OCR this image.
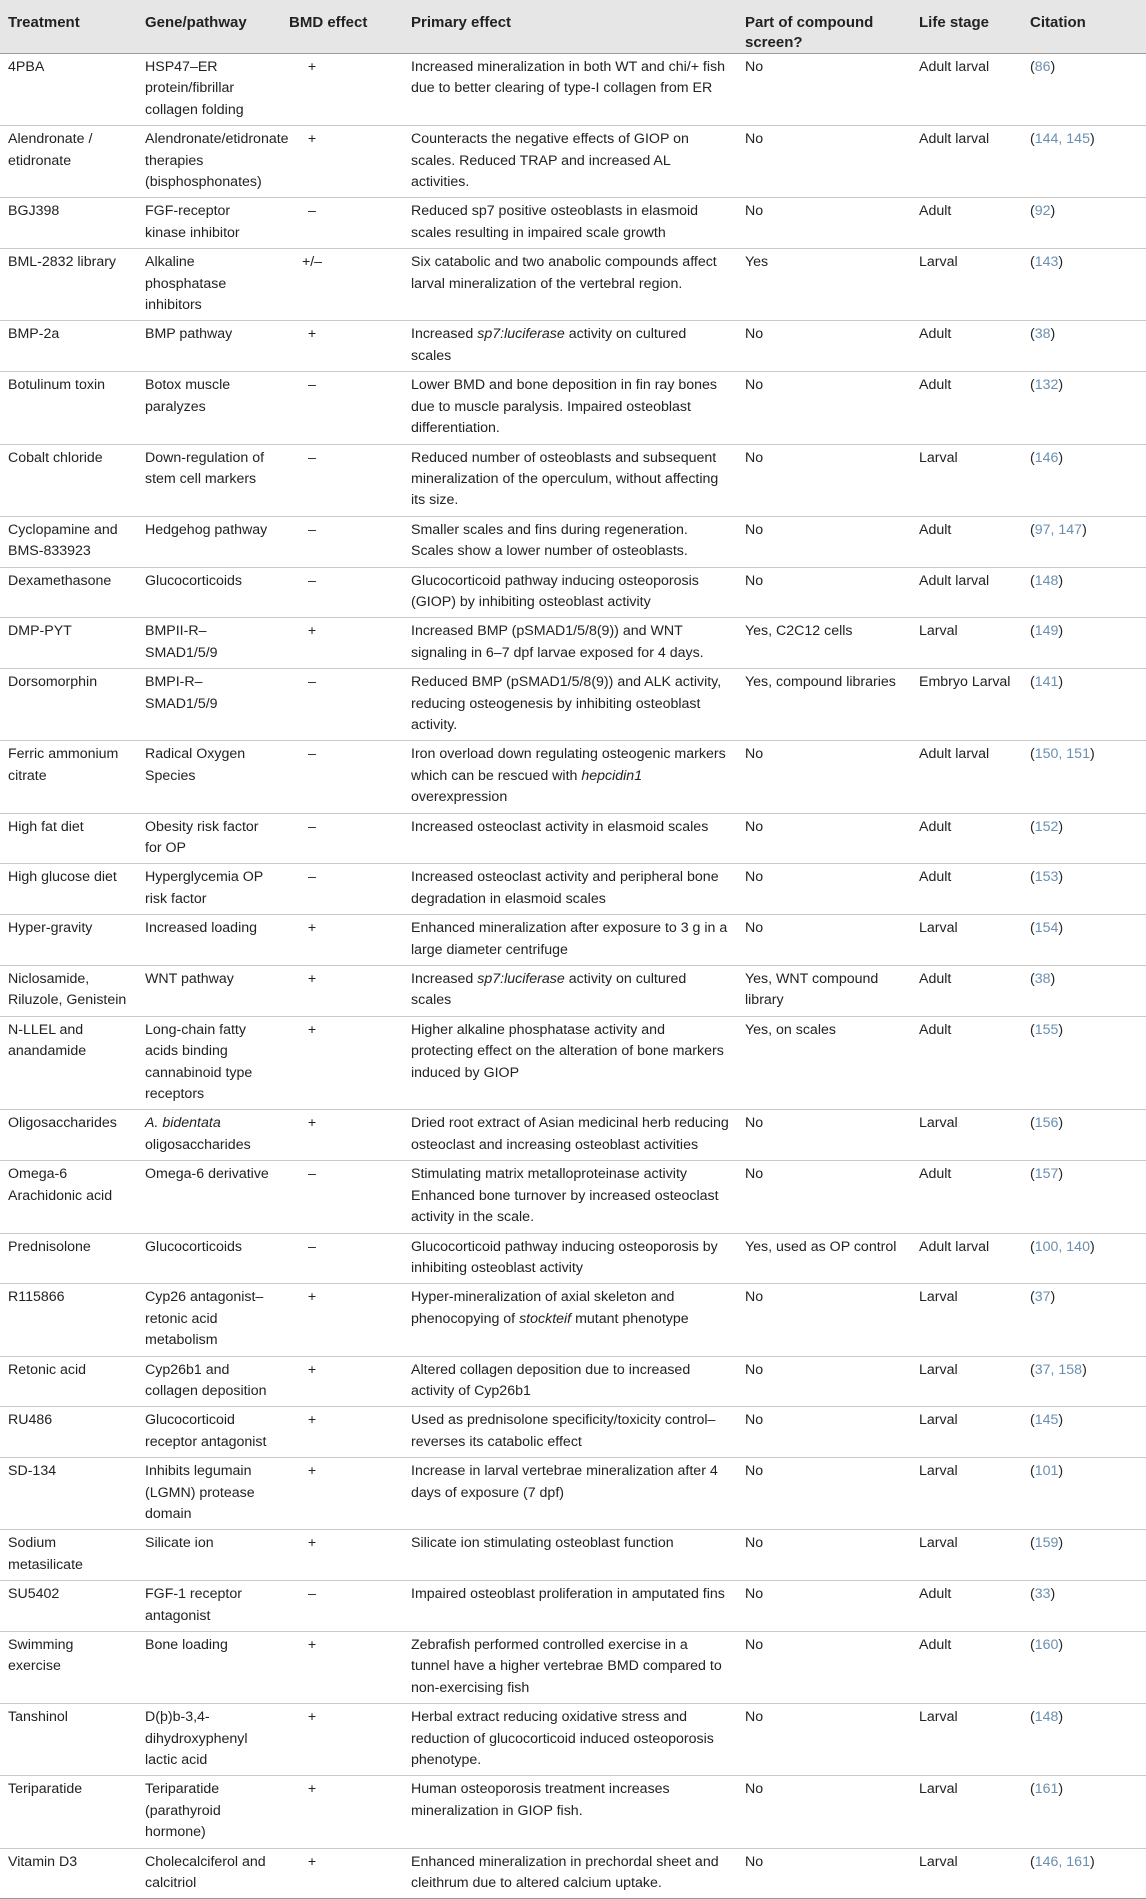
Treatment	Gene/pathway	BMD effect	Primary effect	Part of compound screen?	Life stage	Citation
4PBA	HSP47–ER protein/fibrillar collagen folding	+	Increased mineralization in both WT and chi/+ fish due to better clearing of type-I collagen from ER	No	Adult larval	(86)
Alendronate / etidronate	Alendronate/etidronate therapies (bisphosphonates)	+	Counteracts the negative effects of GIOP on scales. Reduced TRAP and increased AL activities.	No	Adult larval	(144, 145)
BGJ398	FGF-receptor kinase inhibitor	–	Reduced sp7 positive osteoblasts in elasmoid scales resulting in impaired scale growth	No	Adult	(92)
BML-2832 library	Alkaline phosphatase inhibitors	+/–	Six catabolic and two anabolic compounds affect larval mineralization of the vertebral region.	Yes	Larval	(143)
BMP-2a	BMP pathway	+	Increased sp7:luciferase activity on cultured scales	No	Adult	(38)
Botulinum toxin	Botox muscle paralyzes	–	Lower BMD and bone deposition in fin ray bones due to muscle paralysis. Impaired osteoblast differentiation.	No	Adult	(132)
Cobalt chloride	Down-regulation of stem cell markers	–	Reduced number of osteoblasts and subsequent mineralization of the operculum, without affecting its size.	No	Larval	(146)
Cyclopamine and BMS-833923	Hedgehog pathway	–	Smaller scales and fins during regeneration. Scales show a lower number of osteoblasts.	No	Adult	(97, 147)
Dexamethasone	Glucocorticoids	–	Glucocorticoid pathway inducing osteoporosis (GIOP) by inhibiting osteoblast activity	No	Adult larval	(148)
DMP-PYT	BMPII-R–SMAD1/5/9	+	Increased BMP (pSMAD1/5/8(9)) and WNT signaling in 6–7 dpf larvae exposed for 4 days.	Yes, C2C12 cells	Larval	(149)
Dorsomorphin	BMPI-R–SMAD1/5/9	–	Reduced BMP (pSMAD1/5/8(9)) and ALK activity, reducing osteogenesis by inhibiting osteoblast activity.	Yes, compound libraries	Embryo Larval	(141)
Ferric ammonium citrate	Radical Oxygen Species	–	Iron overload down regulating osteogenic markers which can be rescued with hepcidin1 overexpression	No	Adult larval	(150, 151)
High fat diet	Obesity risk factor for OP	–	Increased osteoclast activity in elasmoid scales	No	Adult	(152)
High glucose diet	Hyperglycemia OP risk factor	–	Increased osteoclast activity and peripheral bone degradation in elasmoid scales	No	Adult	(153)
Hyper-gravity	Increased loading	+	Enhanced mineralization after exposure to 3 g in a large diameter centrifuge	No	Larval	(154)
Niclosamide, Riluzole, Genistein	WNT pathway	+	Increased sp7:luciferase activity on cultured scales	Yes, WNT compound library	Adult	(38)
N-LLEL and anandamide	Long-chain fatty acids binding cannabinoid type receptors	+	Higher alkaline phosphatase activity and protecting effect on the alteration of bone markers induced by GIOP	Yes, on scales	Adult	(155)
Oligosaccharides	A. bidentata oligosaccharides	+	Dried root extract of Asian medicinal herb reducing osteoclast and increasing osteoblast activities	No	Larval	(156)
Omega-6 Arachidonic acid	Omega-6 derivative	–	Stimulating matrix metalloproteinase activity Enhanced bone turnover by increased osteoclast activity in the scale.	No	Adult	(157)
Prednisolone	Glucocorticoids	–	Glucocorticoid pathway inducing osteoporosis by inhibiting osteoblast activity	Yes, used as OP control	Adult larval	(100, 140)
R115866	Cyp26 antagonist–retonic acid metabolism	+	Hyper-mineralization of axial skeleton and phenocopying of stockteif mutant phenotype	No	Larval	(37)
Retonic acid	Cyp26b1 and collagen deposition	+	Altered collagen deposition due to increased activity of Cyp26b1	No	Larval	(37, 158)
RU486	Glucocorticoid receptor antagonist	+	Used as prednisolone specificity/toxicity control–reverses its catabolic effect	No	Larval	(145)
SD-134	Inhibits legumain (LGMN) protease domain	+	Increase in larval vertebrae mineralization after 4 days of exposure (7 dpf)	No	Larval	(101)
Sodium metasilicate	Silicate ion	+	Silicate ion stimulating osteoblast function	No	Larval	(159)
SU5402	FGF-1 receptor antagonist	–	Impaired osteoblast proliferation in amputated fins	No	Adult	(33)
Swimming exercise	Bone loading	+	Zebrafish performed controlled exercise in a tunnel have a higher vertebrae BMD compared to non-exercising fish	No	Adult	(160)
Tanshinol	D(þ)b-3,4-dihydroxyphenyl lactic acid	+	Herbal extract reducing oxidative stress and reduction of glucocorticoid induced osteoporosis phenotype.	No	Larval	(148)
Teriparatide	Teriparatide (parathyroid hormone)	+	Human osteoporosis treatment increases mineralization in GIOP fish.	No	Larval	(161)
Vitamin D3	Cholecalciferol and calcitriol	+	Enhanced mineralization in prechordal sheet and cleithrum due to altered calcium uptake.	No	Larval	(146, 161)
